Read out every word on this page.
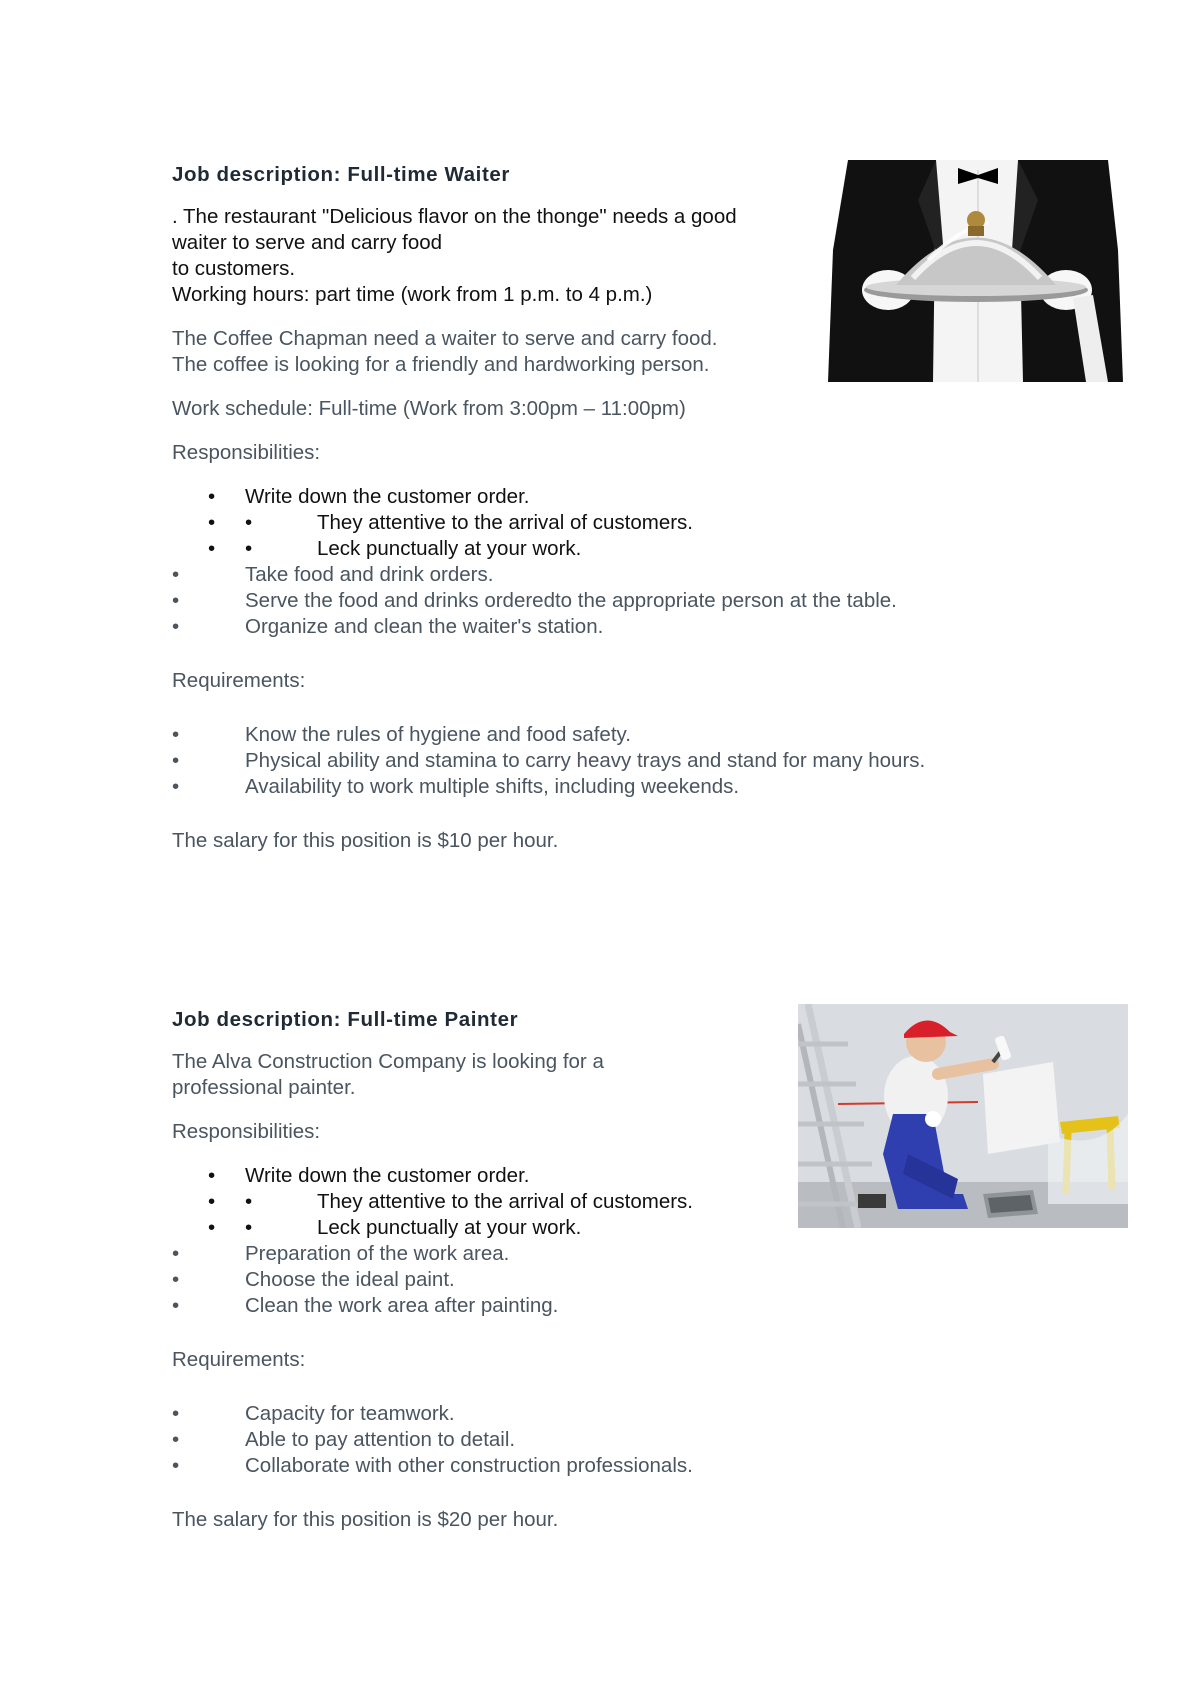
Job description: Full-time Waiter

. The restaurant "Delicious flavor on the thonge" needs a good

waiter to serve and carry food

to customers.

Working hours: part time (work from 1 p.m. to 4 p.m.)

The Coffee Chapman need a waiter to serve and carry food.

The coffee is looking for a friendly and hardworking person.

Work schedule: Full-time (Work from 3:00pm – 11:00pm)

Responsibilities:

• Write down the customer order.
• •	They attentive to the arrival of customers.
• •	Leck punctually at your work.
•	Take food and drink orders.
•	Serve the food and drinks orderedto the appropriate person at the table.
•	Organize and clean the waiter's station.

Requirements:

•	Know the rules of hygiene and food safety.
•	Physical ability and stamina to carry heavy trays and stand for many hours.
•	Availability to work multiple shifts, including weekends.

The salary for this position is $10 per hour.

Job description: Full-time Painter

The Alva Construction Company is looking for a

professional painter.

Responsibilities:

• Write down the customer order.
• •	They attentive to the arrival of customers.
• •	Leck punctually at your work.
•	Preparation of the work area.
•	Choose the ideal paint.
•	Clean the work area after painting.

Requirements:

•	Capacity for teamwork.
•	Able to pay attention to detail.
•	Collaborate with other construction professionals.

The salary for this position is $20 per hour.
